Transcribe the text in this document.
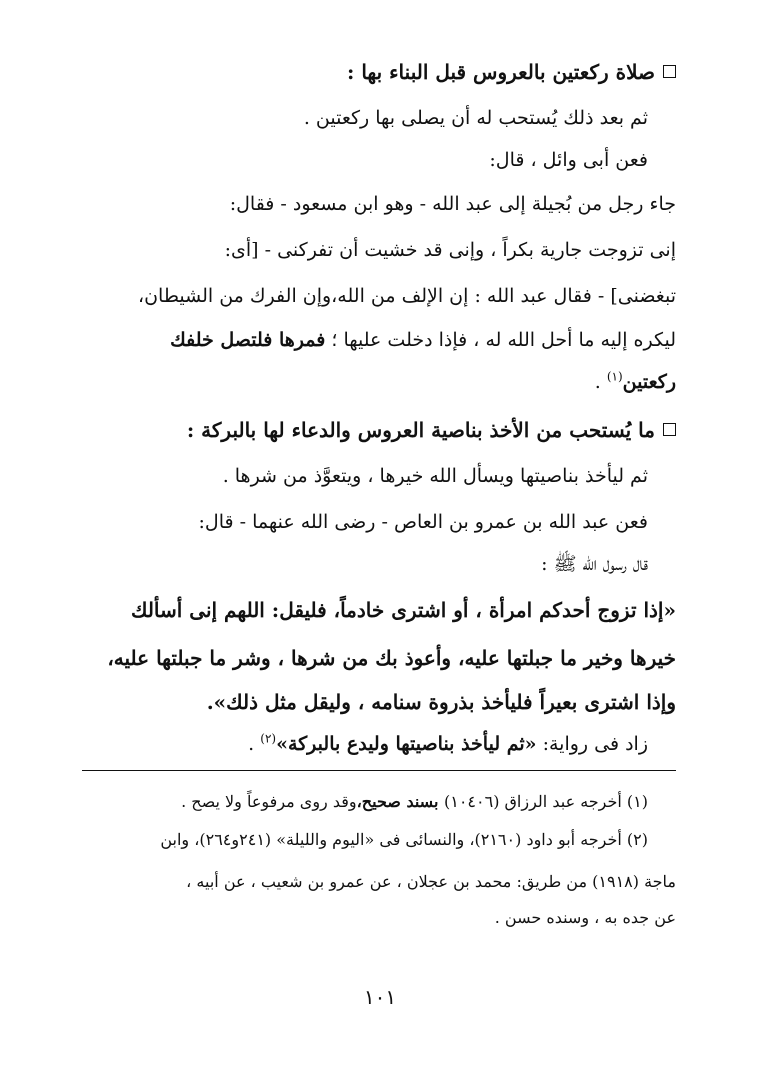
صلاة ركعتين بالعروس قبل البناء بها :
ثم بعد ذلك يُستحب له أن يصلى بها ركعتين .
فعن أبى وائل ، قال:
جاء رجل من بُجيلة إلى عبد الله - وهو ابن مسعود - فقال:
إنى تزوجت جارية بكراً ، وإنى قد خشيت أن تفركنى - [أى:
تبغضنى] - فقال عبد الله : إن الإلف من الله،وإن الفرك من الشيطان،
ليكره إليه ما أحل الله له ، فإذا دخلت عليها ؛ فمرها فلتصل خلفك
ركعتين$^{(١)}$ .
ما يُستحب من الأخذ بناصية العروس والدعاء لها بالبركة :
ثم ليأخذ بناصيتها ويسأل الله خيرها ، ويتعوَّذ من شرها .
فعن عبد الله بن عمرو بن العاص - رضى الله عنهما - قال:
قال رسول الله ﷺ :
«إذا تزوج أحدكم امرأة ، أو اشترى خادماً، فليقل: اللهم إنى أسألك
خيرها وخير ما جبلتها عليه، وأعوذ بك من شرها ، وشر ما جبلتها عليه،
وإذا اشترى بعيراً فليأخذ بذروة سنامه ، وليقل مثل ذلك».
زاد فى رواية: «ثم ليأخذ بناصيتها وليدع بالبركة»$^{(٢)}$ .
(١) أخرجه عبد الرزاق (١٠٤٠٦) بسند صحيح،وقد روى مرفوعاً ولا يصح .
(٢) أخرجه أبو داود (٢١٦٠)، والنسائى فى «اليوم والليلة» (٢٤١و٢٦٤)، وابن
ماجة (١٩١٨) من طريق: محمد بن عجلان ، عن عمرو بن شعيب ، عن أبيه ،
عن جده به ، وسنده حسن .
١٠١
